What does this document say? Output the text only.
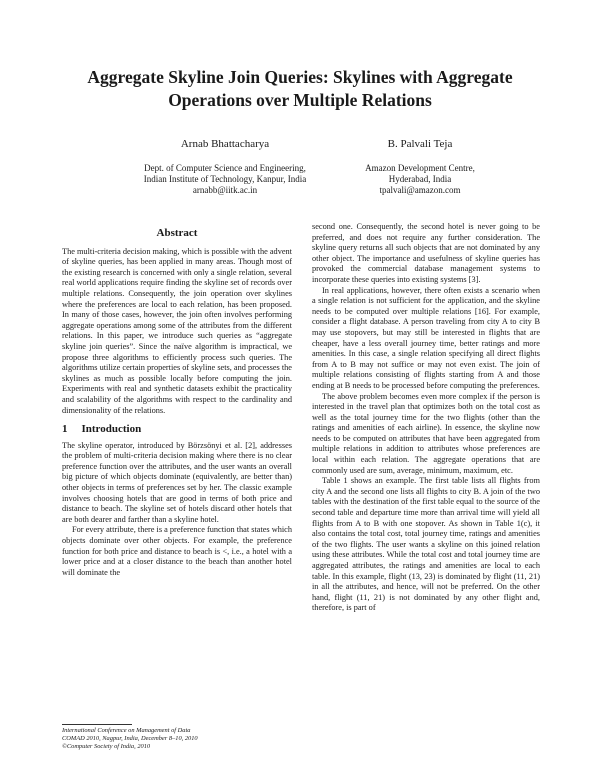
Aggregate Skyline Join Queries: Skylines with Aggregate
Operations over Multiple Relations
Arnab Bhattacharya	B. Palvali Teja
Dept. of Computer Science and Engineering,
Indian Institute of Technology, Kanpur, India
arnabb@iitk.ac.in
Amazon Development Centre,
Hyderabad, India
tpalvali@amazon.com
Abstract

The multi-criteria decision making, which is possible with the advent of skyline queries, has been applied in many areas. Though most of the existing research is concerned with only a single relation, several real world applications require finding the skyline set of records over multiple relations. Consequently, the join operation over skylines where the preferences are local to each relation, has been proposed. In many of those cases, however, the join often involves performing aggregate operations among some of the attributes from the different relations. In this paper, we introduce such queries as “aggregate skyline join queries”. Since the naïve algorithm is impractical, we propose three algorithms to efficiently process such queries. The algorithms utilize certain properties of skyline sets, and processes the skylines as much as possible locally before computing the join. Experiments with real and synthetic datasets exhibit the practicality and scalability of the algorithms with respect to the cardinality and dimensionality of the relations.

1 Introduction

The skyline operator, introduced by Börzsönyi et al. [2], addresses the problem of multi-criteria decision making where there is no clear preference function over the attributes, and the user wants an overall big picture of which objects dominate (equivalently, are better than) other objects in terms of preferences set by her. The classic example involves choosing hotels that are good in terms of both price and distance to beach. The skyline set of hotels discard other hotels that are both dearer and farther than a skyline hotel.

For every attribute, there is a preference function that states which objects dominate over other objects. For example, the preference function for both price and distance to beach is <, i.e., a hotel with a lower price and at a closer distance to the beach than another hotel will dominate the

second one. Consequently, the second hotel is never going to be preferred, and does not require any further consideration. The skyline query returns all such objects that are not dominated by any other object. The importance and usefulness of skyline queries has provoked the commercial database management systems to incorporate these queries into existing systems [3].

In real applications, however, there often exists a scenario when a single relation is not sufficient for the application, and the skyline needs to be computed over multiple relations [16]. For example, consider a flight database. A person traveling from city A to city B may use stopovers, but may still be interested in flights that are cheaper, have a less overall journey time, better ratings and more amenities. In this case, a single relation specifying all direct flights from A to B may not suffice or may not even exist. The join of multiple relations consisting of flights starting from A and those ending at B needs to be processed before computing the preferences.

The above problem becomes even more complex if the person is interested in the travel plan that optimizes both on the total cost as well as the total journey time for the two flights (other than the ratings and amenities of each airline). In essence, the skyline now needs to be computed on attributes that have been aggregated from multiple relations in addition to attributes whose preferences are local within each relation. The aggregate operations that are commonly used are sum, average, minimum, maximum, etc.

Table 1 shows an example. The first table lists all flights from city A and the second one lists all flights to city B. A join of the two tables with the destination of the first table equal to the source of the second table and departure time more than arrival time will yield all flights from A to B with one stopover. As shown in Table 1(c), it also contains the total cost, total journey time, ratings and amenities of the two flights. The user wants a skyline on this joined relation using these attributes. While the total cost and total journey time are aggregated attributes, the ratings and amenities are local to each table. In this example, flight (13, 23) is dominated by flight (11, 21) in all the attributes, and hence, will not be preferred. On the other hand, flight (11, 21) is not dominated by any other flight and, therefore, is part of

International Conference on Management of Data
COMAD 2010, Nagpur, India, December 8–10, 2010
©Computer Society of India, 2010
